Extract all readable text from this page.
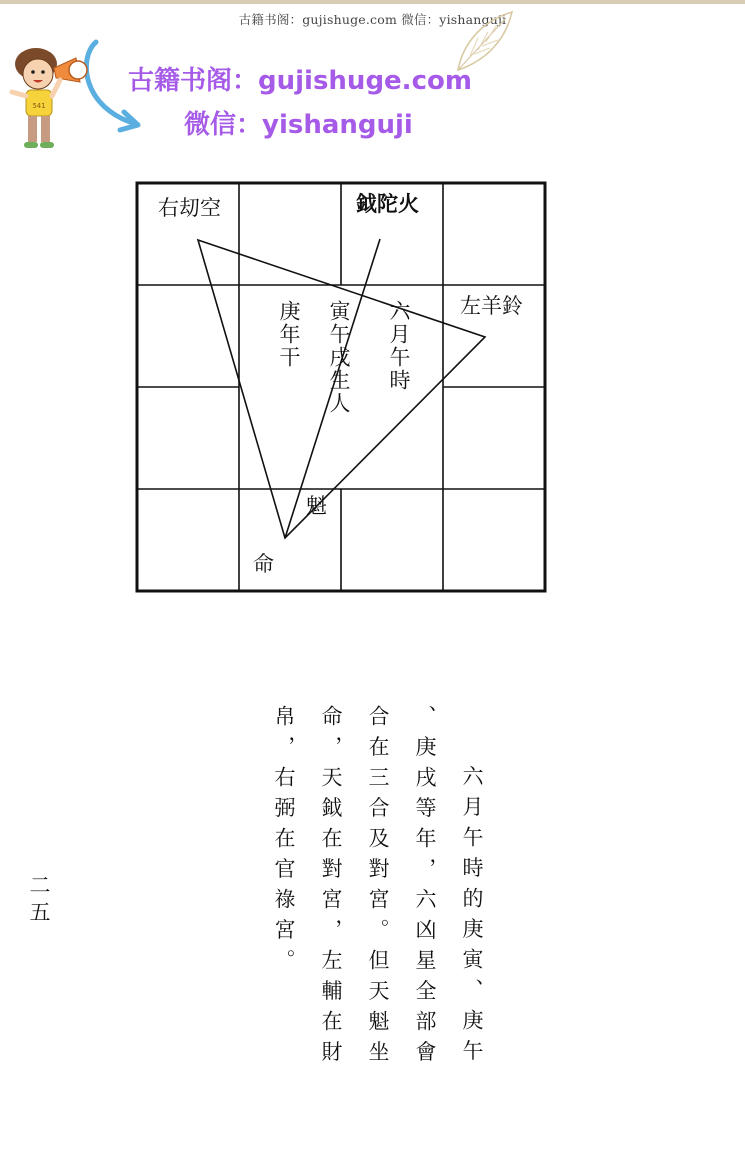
古籍书阁：gujishuge.com 微信：yishanguji
541
古籍书阁：gujishuge.com
微信：yishanguji
右刧空	鉞陀火
左羊鈴
魁
命
六月午時
寅午戌生人
庚年干
六月午時的庚寅、庚午
、庚戌等年，六凶星全部會
合在三合及對宮。但天魁坐
命，天鉞在對宮，左輔在財
帛，右弼在官祿宮。
二五
